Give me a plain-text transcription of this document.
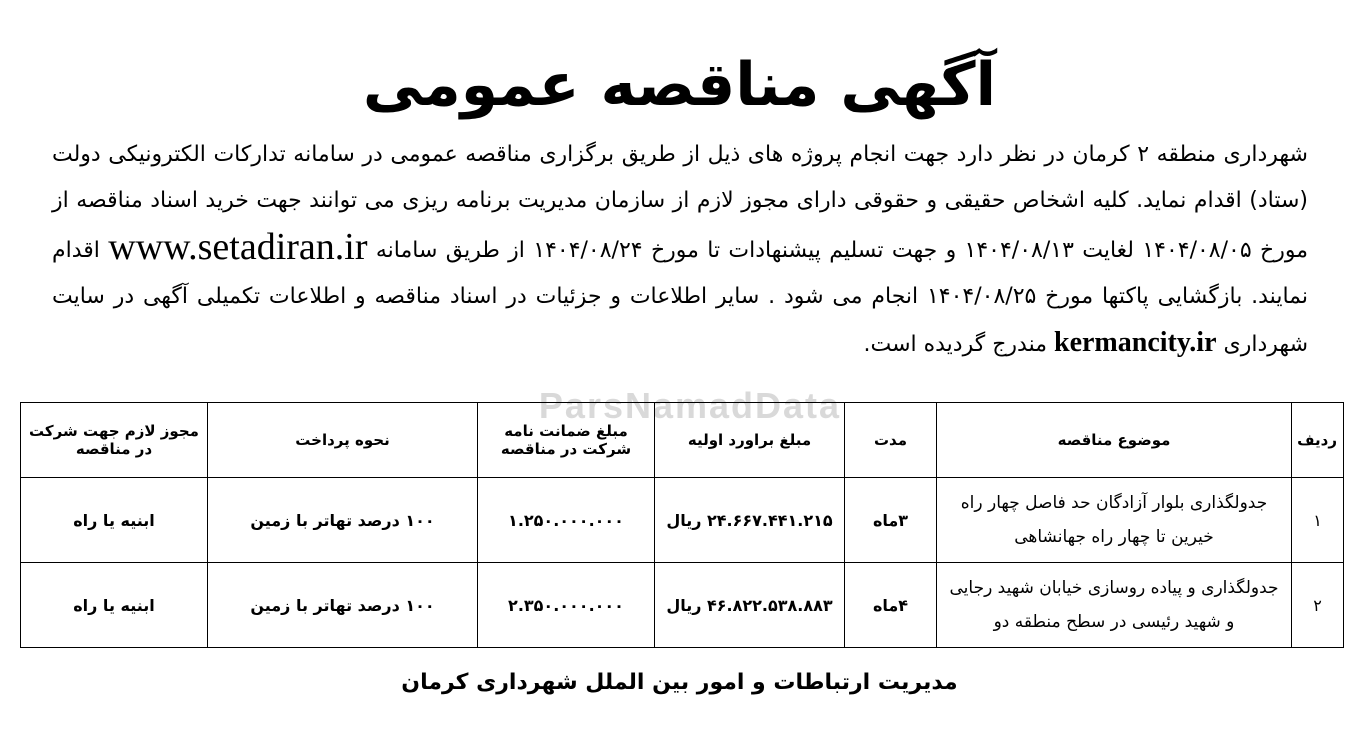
آگهی مناقصه عمومی

شهرداری منطقه ۲ کرمان در نظر دارد جهت انجام پروژه های ذیل از طریق برگزاری مناقصه عمومی در سامانه تدارکات الکترونیکی دولت (ستاد) اقدام نماید. کلیه اشخاص حقیقی و حقوقی دارای مجوز لازم از سازمان مدیریت برنامه ریزی می توانند جهت خرید اسناد مناقصه از مورخ ۱۴۰۴/۰۸/۰۵ لغایت ۱۴۰۴/۰۸/۱۳ و جهت تسلیم پیشنهادات تا مورخ ۱۴۰۴/۰۸/۲۴ از طریق سامانه www.setadiran.ir اقدام نمایند. بازگشایی پاکتها مورخ ۱۴۰۴/۰۸/۲۵ انجام می شود . سایر اطلاعات و جزئیات در اسناد مناقصه و اطلاعات تکمیلی آگهی در سایت شهرداری kermancity.ir مندرج گردیده است.

ParsNamadData
ردیف	موضوع مناقصه	مدت	مبلغ براورد اولیه	مبلغ ضمانت نامه شرکت در مناقصه	نحوه پرداخت	مجوز لازم جهت شرکت در مناقصه
۱	جدولگذاری بلوار آزادگان حد فاصل چهار راه خیرین تا چهار راه جهانشاهی	۳ماه	۲۴.۶۶۷.۴۴۱.۲۱۵ ریال	۱.۲۵۰.۰۰۰.۰۰۰	۱۰۰ درصد تهاتر با زمین	ابنیه یا راه
۲	جدولگذاری و پیاده روسازی خیابان شهید رجایی و شهید رئیسی در سطح منطقه دو	۴ماه	۴۶.۸۲۲.۵۳۸.۸۸۳ ریال	۲.۳۵۰.۰۰۰.۰۰۰	۱۰۰ درصد تهاتر با زمین	ابنیه یا راه
مدیریت ارتباطات و امور بین الملل شهرداری کرمان
